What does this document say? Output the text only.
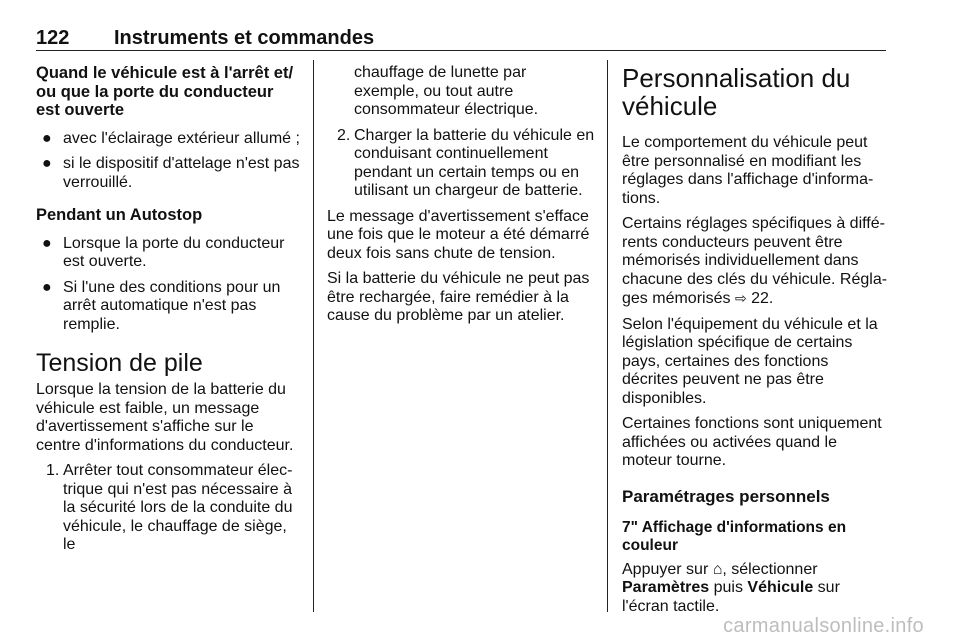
122 Instruments et commandes
Quand le véhicule est à l'arrêt et/ ou que la porte du conducteur est ouverte
● avec l'éclairage extérieur allumé ;
● si le dispositif d'attelage n'est pas verrouillé.
Pendant un Autostop
● Lorsque la porte du conducteur est ouverte.
● Si l'une des conditions pour un arrêt automatique n'est pas remplie.
Tension de pile

Lorsque la tension de la batterie du véhicule est faible, un message d'avertissement s'affiche sur le centre d'informations du conducteur.

1. Arrêter tout consommateur élec-trique qui n'est pas nécessaire à la sécurité lors de la conduite du véhicule, le chauffage de siège, le
chauffage de lunette par exemple, ou tout autre consommateur électrique.
2. Charger la batterie du véhicule en conduisant continuellement pendant un certain temps ou en utilisant un chargeur de batterie.

Le message d'avertissement s'efface une fois que le moteur a été démarré deux fois sans chute de tension.

Si la batterie du véhicule ne peut pas être rechargée, faire remédier à la cause du problème par un atelier.

Personnalisation du véhicule

Le comportement du véhicule peut être personnalisé en modifiant les réglages dans l'affichage d'informa-tions.

Certains réglages spécifiques à diffé-rents conducteurs peuvent être mémorisés individuellement dans chacune des clés du véhicule. Régla-ges mémorisés ⇨ 22.

Selon l'équipement du véhicule et la législation spécifique de certains pays, certaines des fonctions décrites peuvent ne pas être disponibles.

Certaines fonctions sont uniquement affichées ou activées quand le moteur tourne.

Paramétrages personnels
7" Affichage d'informations en couleur

Appuyer sur ⌂, sélectionner Paramètres puis Véhicule sur l'écran tactile.

carmanualsonline.info
